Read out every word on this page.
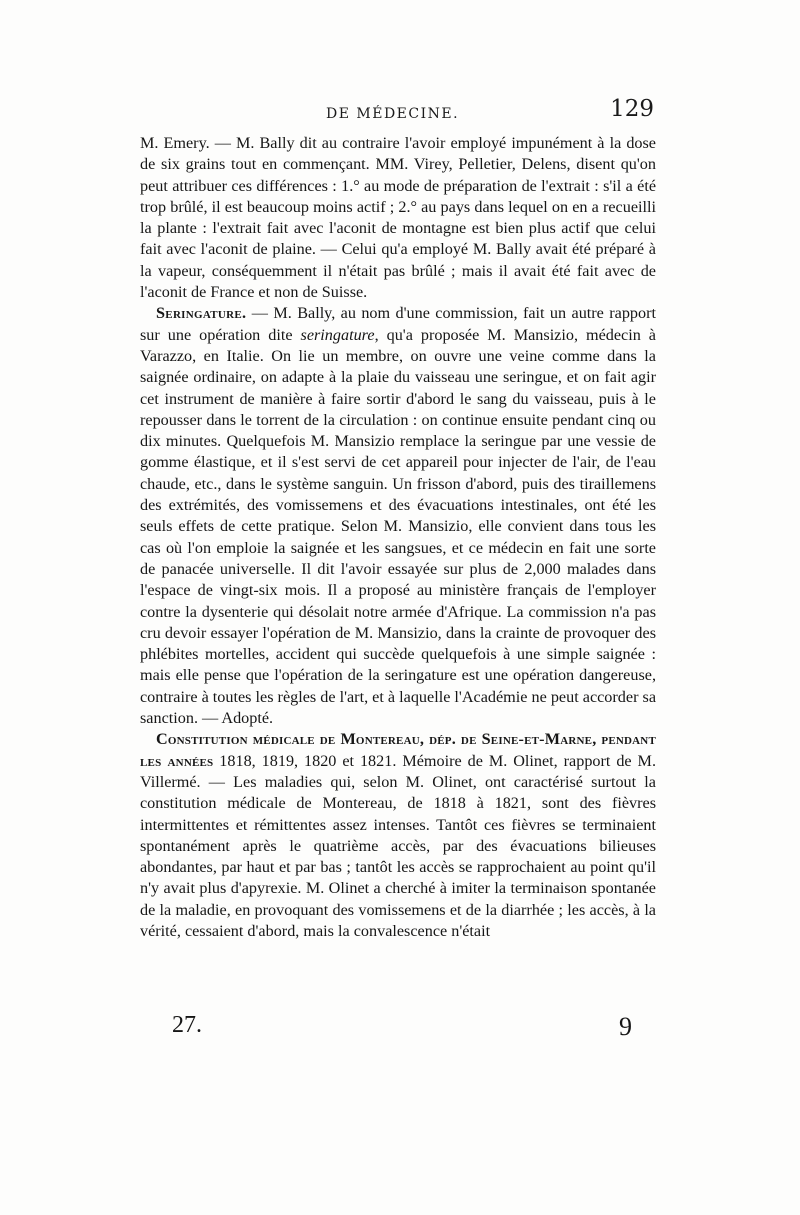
DE MÉDECINE.	129

M. Emery. — M. Bally dit au contraire l'avoir employé impunément à la dose de six grains tout en commençant. MM. Virey, Pelletier, Delens, disent qu'on peut attribuer ces différences : 1.° au mode de préparation de l'extrait : s'il a été trop brûlé, il est beaucoup moins actif ; 2.° au pays dans lequel on en a recueilli la plante : l'extrait fait avec l'aconit de montagne est bien plus actif que celui fait avec l'aconit de plaine. — Celui qu'a employé M. Bally avait été préparé à la vapeur, conséquemment il n'était pas brûlé ; mais il avait été fait avec de l'aconit de France et non de Suisse.

Seringature. — M. Bally, au nom d'une commission, fait un autre rapport sur une opération dite seringature, qu'a proposée M. Mansizio, médecin à Varazzo, en Italie. On lie un membre, on ouvre une veine comme dans la saignée ordinaire, on adapte à la plaie du vaisseau une seringue, et on fait agir cet instrument de manière à faire sortir d'abord le sang du vaisseau, puis à le repousser dans le torrent de la circulation : on continue ensuite pendant cinq ou dix minutes. Quelquefois M. Mansizio remplace la seringue par une vessie de gomme élastique, et il s'est servi de cet appareil pour injecter de l'air, de l'eau chaude, etc., dans le système sanguin. Un frisson d'abord, puis des tiraillemens des extrémités, des vomissemens et des évacuations intestinales, ont été les seuls effets de cette pratique. Selon M. Mansizio, elle convient dans tous les cas où l'on emploie la saignée et les sangsues, et ce médecin en fait une sorte de panacée universelle. Il dit l'avoir essayée sur plus de 2,000 malades dans l'espace de vingt-six mois. Il a proposé au ministère français de l'employer contre la dysenterie qui désolait notre armée d'Afrique. La commission n'a pas cru devoir essayer l'opération de M. Mansizio, dans la crainte de provoquer des phlébites mortelles, accident qui succède quelquefois à une simple saignée : mais elle pense que l'opération de la seringature est une opération dangereuse, contraire à toutes les règles de l'art, et à laquelle l'Académie ne peut accorder sa sanction. — Adopté.

Constitution médicale de Montereau, dép. de Seine-et-Marne, pendant les années 1818, 1819, 1820 et 1821. Mémoire de M. Olinet, rapport de M. Villermé. — Les maladies qui, selon M. Olinet, ont caractérisé surtout la constitution médicale de Montereau, de 1818 à 1821, sont des fièvres intermittentes et rémittentes assez intenses. Tantôt ces fièvres se terminaient spontanément après le quatrième accès, par des évacuations bilieuses abondantes, par haut et par bas ; tantôt les accès se rapprochaient au point qu'il n'y avait plus d'apyrexie. M. Olinet a cherché à imiter la terminaison spontanée de la maladie, en provoquant des vomissemens et de la diarrhée ; les accès, à la vérité, cessaient d'abord, mais la convalescence n'était

27.	9
